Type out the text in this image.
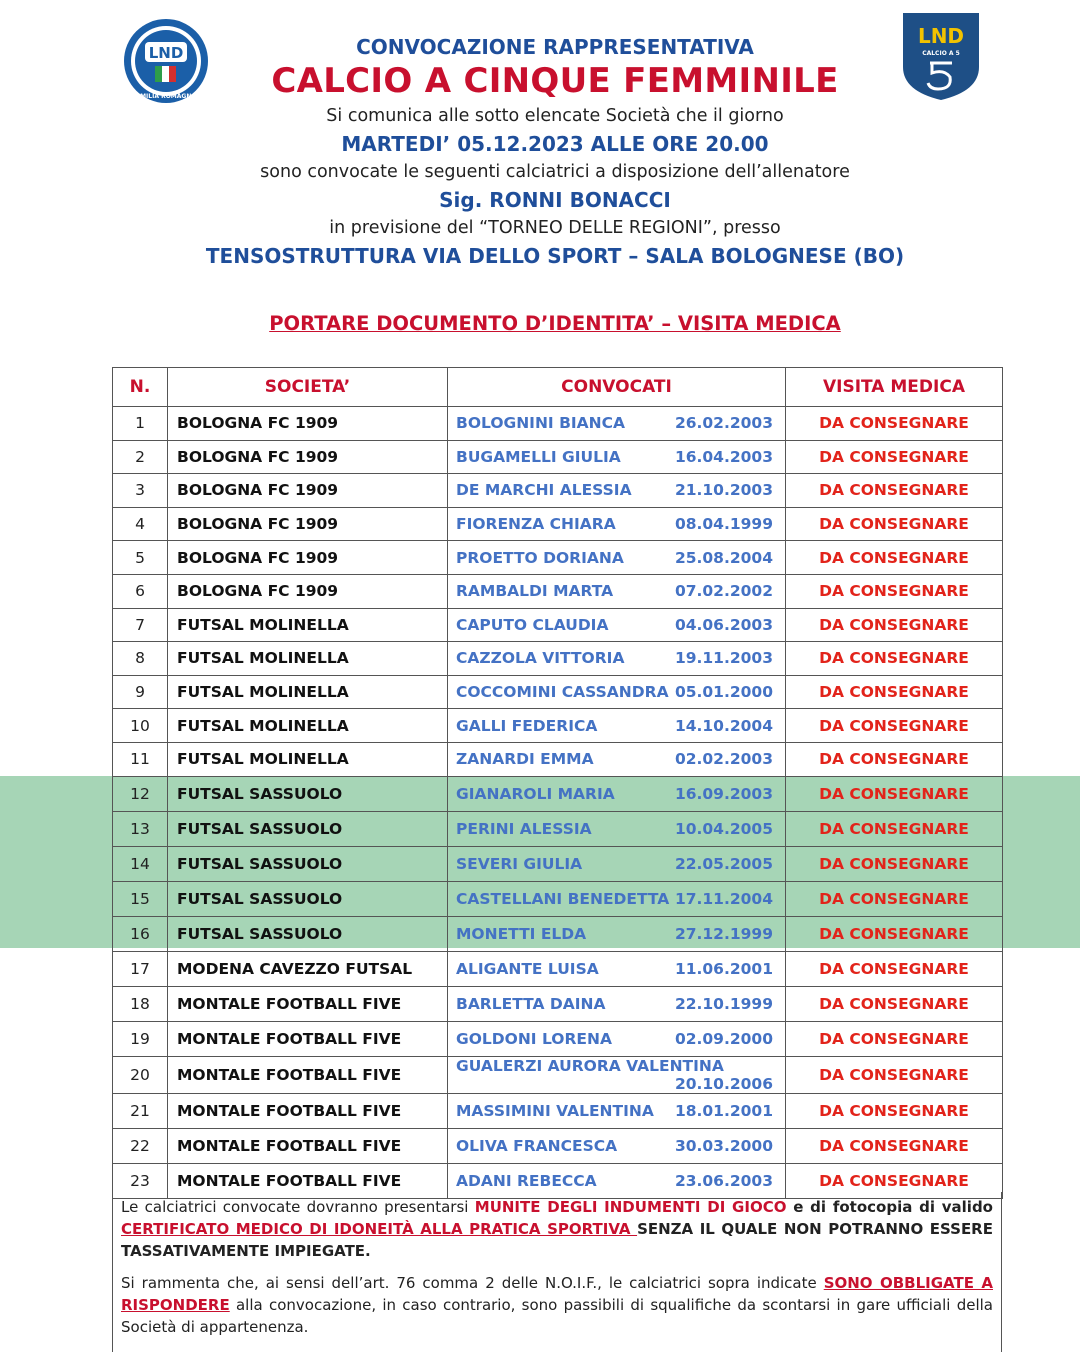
LND
EMILIA ROMAGNA
LND
CALCIO A 5
CONVOCAZIONE RAPPRESENTATIVA
CALCIO A CINQUE FEMMINILE
Si comunica alle sotto elencate Società che il giorno
MARTEDI’ 05.12.2023 ALLE ORE 20.00
sono convocate le seguenti calciatrici a disposizione dell’allenatore
Sig. RONNI BONACCI
in previsione del “TORNEO DELLE REGIONI”, presso
TENSOSTRUTTURA VIA DELLO SPORT – SALA BOLOGNESE (BO)
PORTARE DOCUMENTO D’IDENTITA’ – VISITA MEDICA
N.	SOCIETA’	CONVOCATI	VISITA MEDICA
1	BOLOGNA FC 1909	BOLOGNINI BIANCA 26.02.2003	DA CONSEGNARE
2	BOLOGNA FC 1909	BUGAMELLI GIULIA 16.04.2003	DA CONSEGNARE
3	BOLOGNA FC 1909	DE MARCHI ALESSIA 21.10.2003	DA CONSEGNARE
4	BOLOGNA FC 1909	FIORENZA CHIARA 08.04.1999	DA CONSEGNARE
5	BOLOGNA FC 1909	PROETTO DORIANA 25.08.2004	DA CONSEGNARE
6	BOLOGNA FC 1909	RAMBALDI MARTA 07.02.2002	DA CONSEGNARE
7	FUTSAL MOLINELLA	CAPUTO CLAUDIA 04.06.2003	DA CONSEGNARE
8	FUTSAL MOLINELLA	CAZZOLA VITTORIA 19.11.2003	DA CONSEGNARE
9	FUTSAL MOLINELLA	COCCOMINI CASSANDRA 05.01.2000	DA CONSEGNARE
10	FUTSAL MOLINELLA	GALLI FEDERICA 14.10.2004	DA CONSEGNARE
11	FUTSAL MOLINELLA	ZANARDI EMMA 02.02.2003	DA CONSEGNARE
12	FUTSAL SASSUOLO	GIANAROLI MARIA 16.09.2003	DA CONSEGNARE
13	FUTSAL SASSUOLO	PERINI ALESSIA 10.04.2005	DA CONSEGNARE
14	FUTSAL SASSUOLO	SEVERI GIULIA 22.05.2005	DA CONSEGNARE
15	FUTSAL SASSUOLO	CASTELLANI BENEDETTA 17.11.2004	DA CONSEGNARE
16	FUTSAL SASSUOLO	MONETTI ELDA 27.12.1999	DA CONSEGNARE
17	MODENA CAVEZZO FUTSAL	ALIGANTE LUISA 11.06.2001	DA CONSEGNARE
18	MONTALE FOOTBALL FIVE	BARLETTA DAINA 22.10.1999	DA CONSEGNARE
19	MONTALE FOOTBALL FIVE	GOLDONI LORENA 02.09.2000	DA CONSEGNARE
20	MONTALE FOOTBALL FIVE	GUALERZI AURORA VALENTINA
20.10.2006	DA CONSEGNARE
21	MONTALE FOOTBALL FIVE	MASSIMINI VALENTINA 18.01.2001	DA CONSEGNARE
22	MONTALE FOOTBALL FIVE	OLIVA FRANCESCA 30.03.2000	DA CONSEGNARE
23	MONTALE FOOTBALL FIVE	ADANI REBECCA 23.06.2003	DA CONSEGNARE

Le calciatrici convocate dovranno presentarsi MUNITE DEGLI INDUMENTI DI GIOCO e di fotocopia di valido CERTIFICATO MEDICO DI IDONEITÀ ALLA PRATICA SPORTIVA SENZA IL QUALE NON POTRANNO ESSERE TASSATIVAMENTE IMPIEGATE.

Si rammenta che, ai sensi dell’art. 76 comma 2 delle N.O.I.F., le calciatrici sopra indicate SONO OBBLIGATE A RISPONDERE alla convocazione, in caso contrario, sono passibili di squalifiche da scontarsi in gare ufficiali della Società di appartenenza.
